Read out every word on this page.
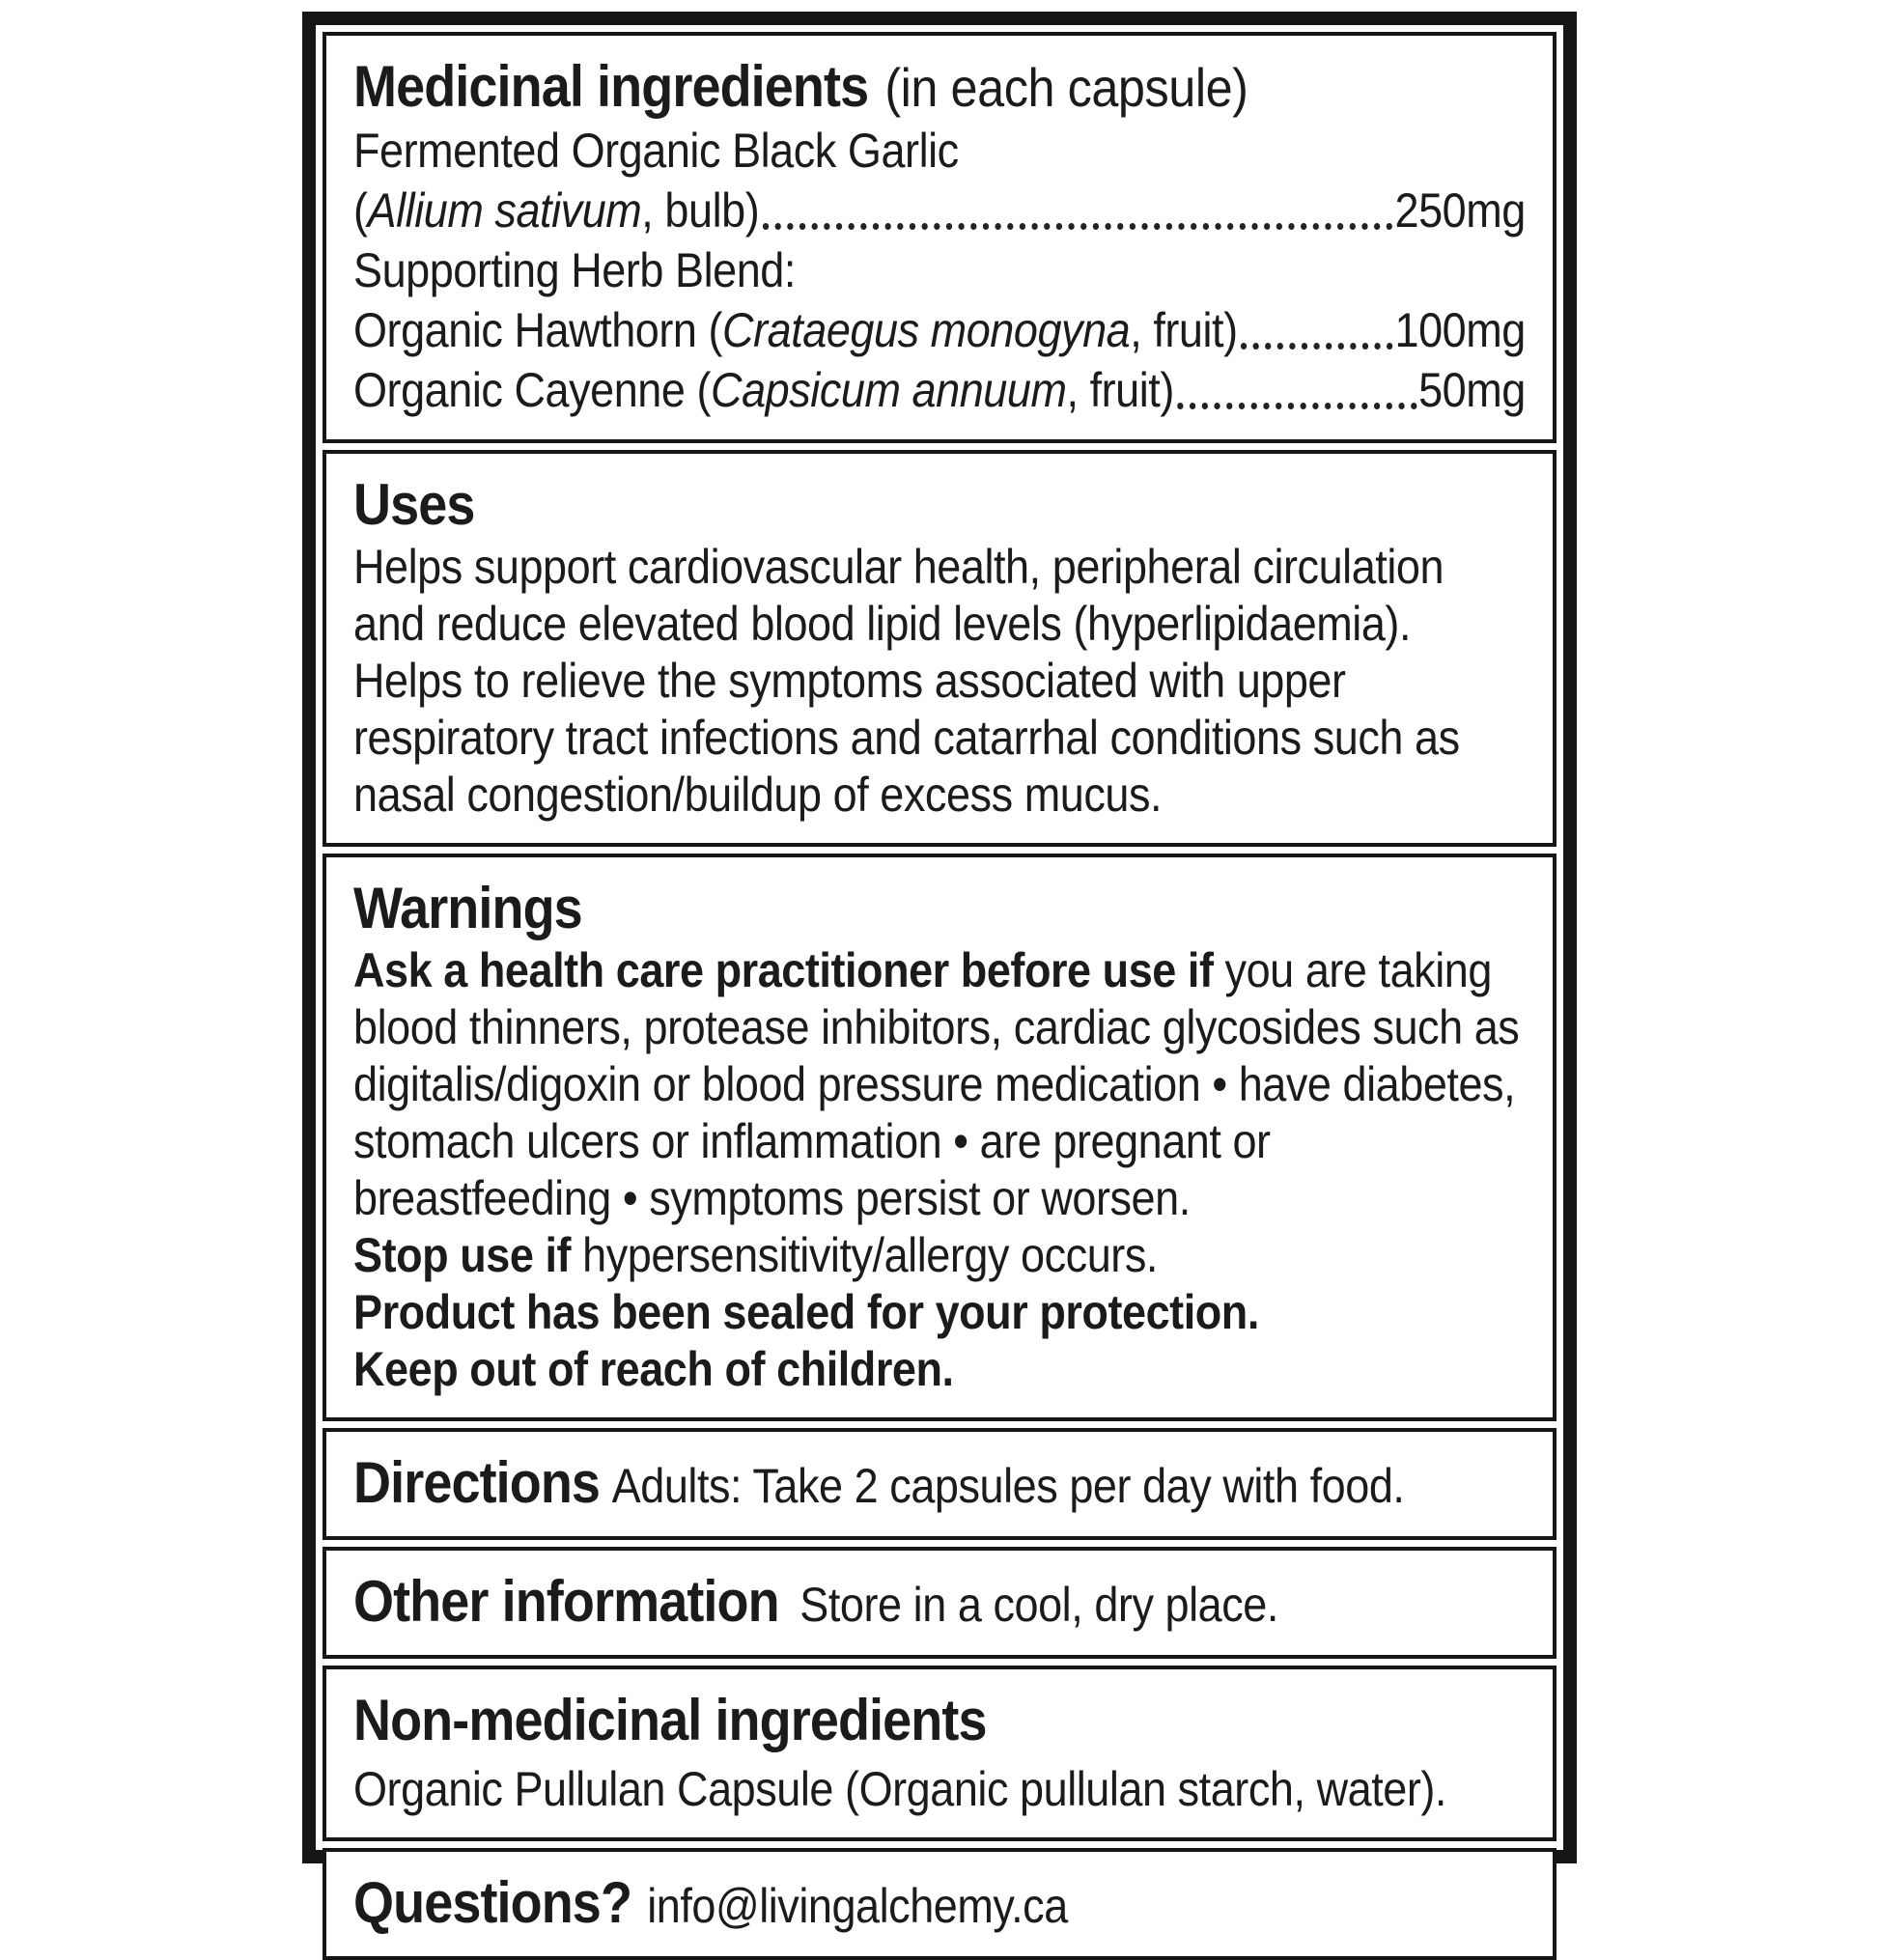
Medicinal ingredients (in each capsule)
Fermented Organic Black Garlic
(Allium sativum, bulb)	250mg
Supporting Herb Blend:
Organic Hawthorn (Crataegus monogyna, fruit)	100mg
Organic Cayenne (Capsicum annuum, fruit)	50mg
Uses
Helps support cardiovascular health, peripheral circulation and reduce elevated blood lipid levels (hyperlipidaemia). Helps to relieve the symptoms associated with upper respiratory tract infections and catarrhal conditions such as nasal congestion/buildup of excess mucus.
Warnings

Ask a health care practitioner before use if you are taking blood thinners, protease inhibitors, cardiac glycosides such as digitalis/digoxin or blood pressure medication • have diabetes, stomach ulcers or inflammation • are pregnant or breastfeeding • symptoms persist or worsen.

Stop use if hypersensitivity/allergy occurs.

Product has been sealed for your protection.

Keep out of reach of children.

Directions Adults: Take 2 capsules per day with food.
Other information Store in a cool, dry place.
Non-medicinal ingredients
Organic Pullulan Capsule (Organic pullulan starch, water).
Questions? info@livingalchemy.ca
